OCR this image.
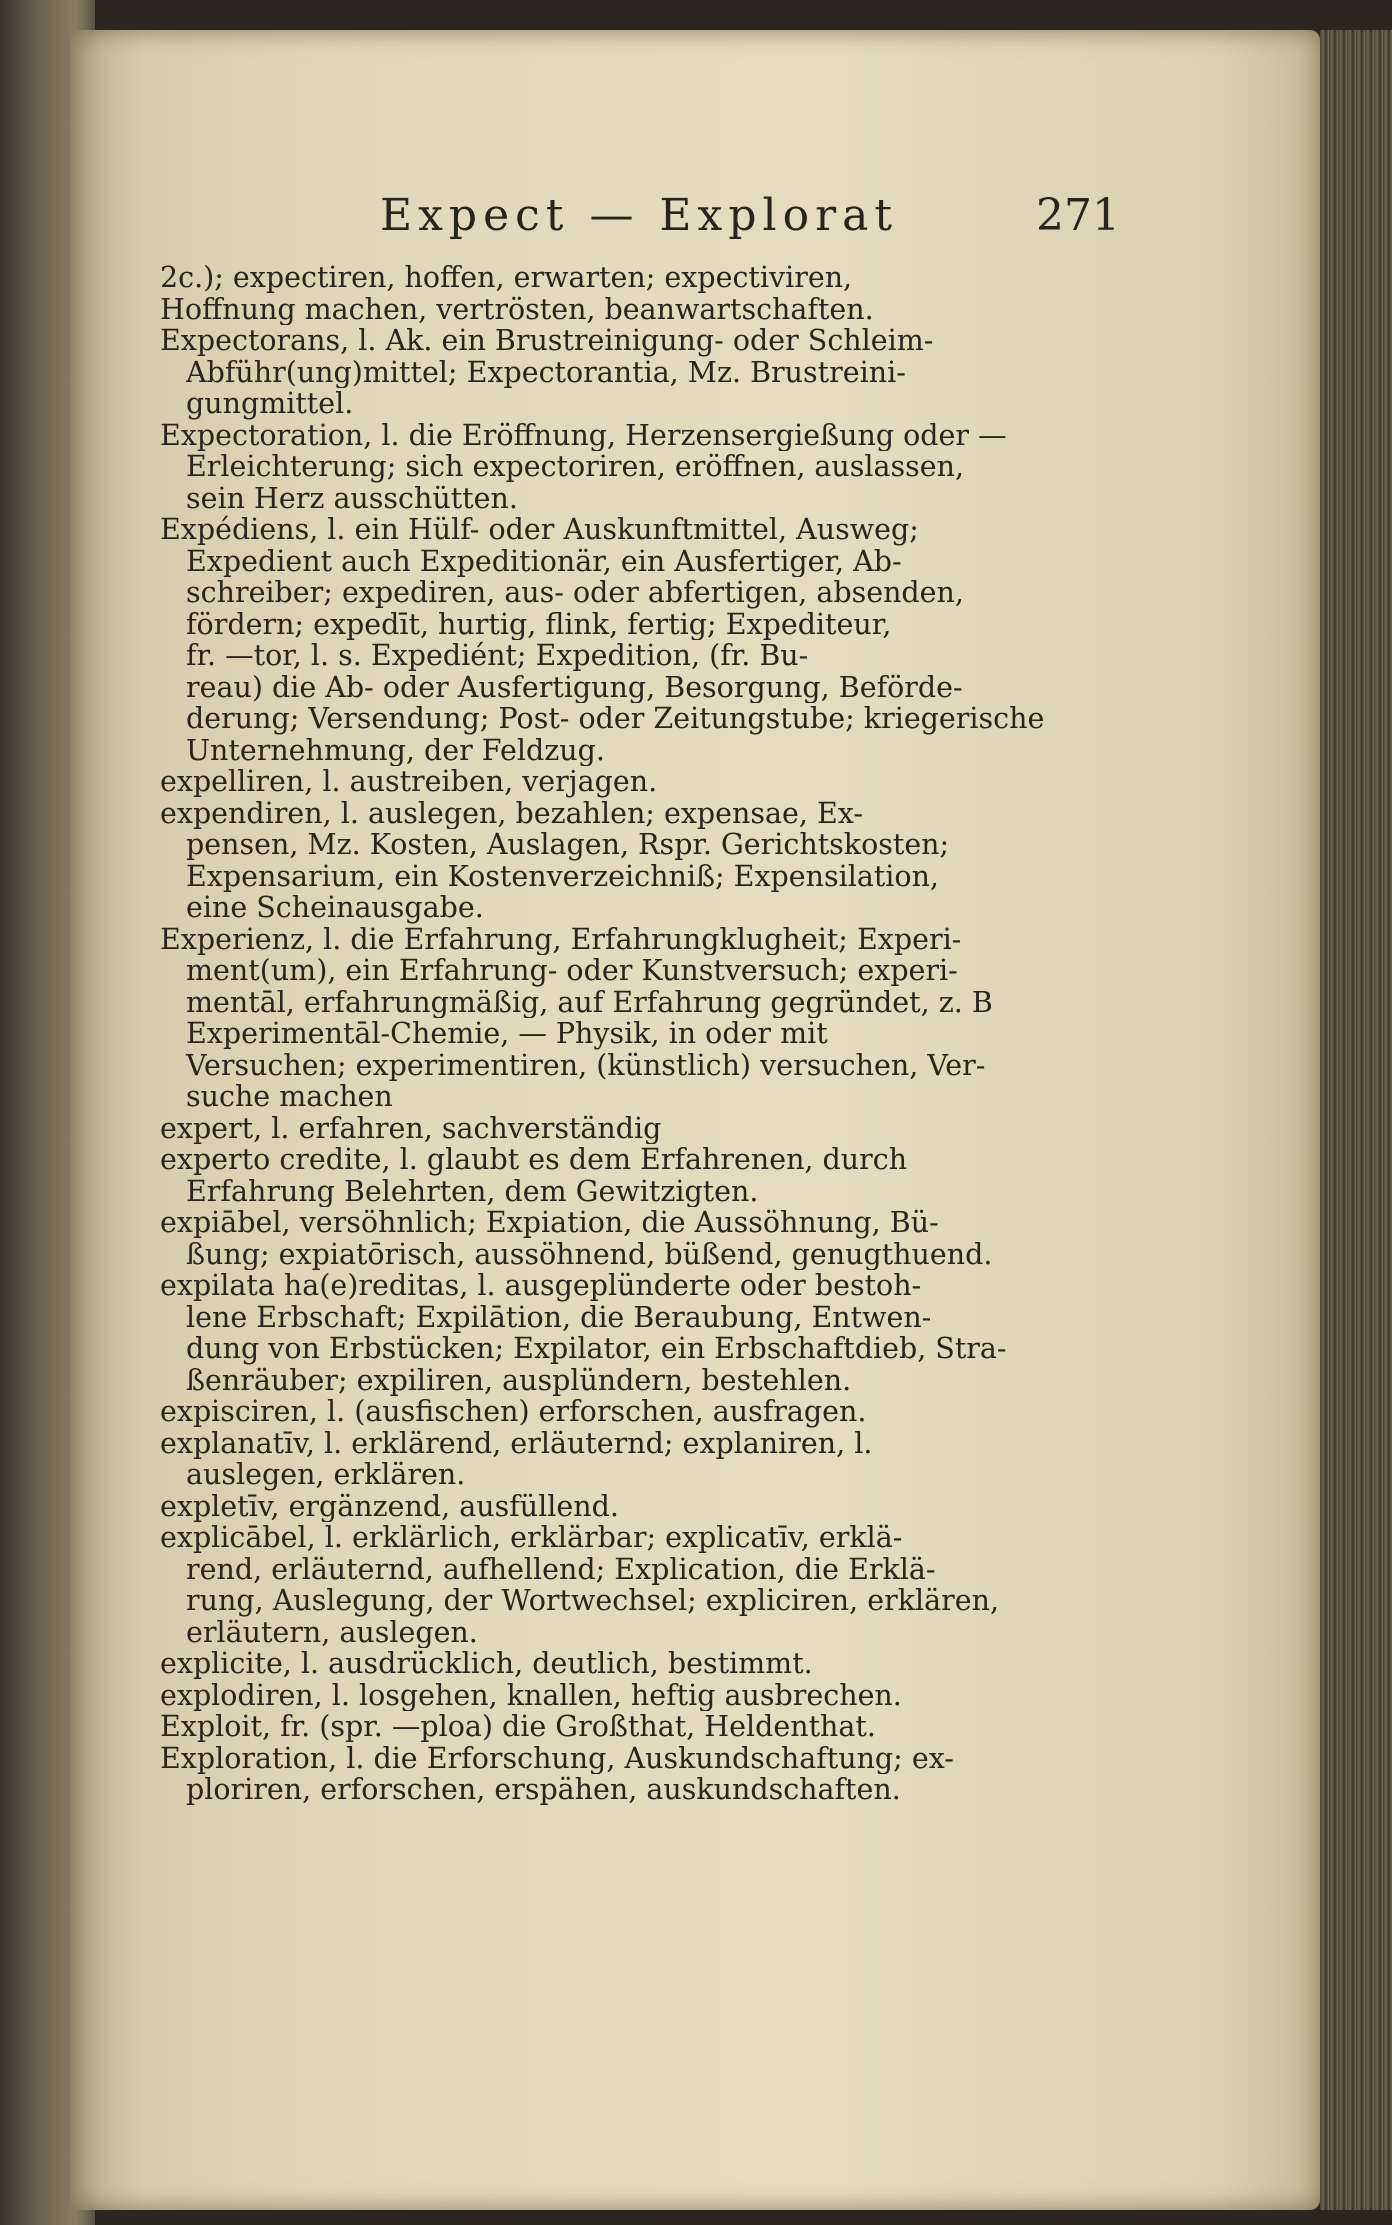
Expect — Explorat	271
2c.); expectiren, hoffen, erwarten; expectiviren,
Hoffnung machen, vertrösten, beanwartschaften.
Expectorans, l. Ak. ein Brustreinigung- oder Schleim-
Abführ(ung)mittel; Expectorantia, Mz. Brustreini-
gungmittel.
Expectoration, l. die Eröffnung, Herzensergießung oder —
Erleichterung; sich expectoriren, eröffnen, auslassen,
sein Herz ausschütten.
Expédiens, l. ein Hülf- oder Auskunftmittel, Ausweg;
Expedient auch Expeditionär, ein Ausfertiger, Ab-
schreiber; expediren, aus- oder abfertigen, absenden,
fördern; expedīt, hurtig, flink, fertig; Expediteur,
fr. —tor, l. s. Expediént; Expedition, (fr. Bu-
reau) die Ab- oder Ausfertigung, Besorgung, Beförde-
derung; Versendung; Post- oder Zeitungstube; kriegerische
Unternehmung, der Feldzug.
expelliren, l. austreiben, verjagen.
expendiren, l. auslegen, bezahlen; expensae, Ex-
pensen, Mz. Kosten, Auslagen, Rspr. Gerichtskosten;
Expensarium, ein Kostenverzeichniß; Expensilation,
eine Scheinausgabe.
Experienz, l. die Erfahrung, Erfahrungklugheit; Experi-
ment(um), ein Erfahrung- oder Kunstversuch; experi-
mentāl, erfahrungmäßig, auf Erfahrung gegründet, z. B
Experimentāl-Chemie, — Physik, in oder mit
Versuchen; experimentiren, (künstlich) versuchen, Ver-
suche machen
expert, l. erfahren, sachverständig
experto credite, l. glaubt es dem Erfahrenen, durch
Erfahrung Belehrten, dem Gewitzigten.
expiābel, versöhnlich; Expiation, die Aussöhnung, Bü-
ßung; expiatōrisch, aussöhnend, büßend, genugthuend.
expilata ha(e)reditas, l. ausgeplünderte oder bestoh-
lene Erbschaft; Expilātion, die Beraubung, Entwen-
dung von Erbstücken; Expilator, ein Erbschaftdieb, Stra-
ßenräuber; expiliren, ausplündern, bestehlen.
expisciren, l. (ausfischen) erforschen, ausfragen.
explanatīv, l. erklärend, erläuternd; explaniren, l.
auslegen, erklären.
expletīv, ergänzend, ausfüllend.
explicābel, l. erklärlich, erklärbar; explicatīv, erklä-
rend, erläuternd, aufhellend; Explication, die Erklä-
rung, Auslegung, der Wortwechsel; expliciren, erklären,
erläutern, auslegen.
explicite, l. ausdrücklich, deutlich, bestimmt.
explodiren, l. losgehen, knallen, heftig ausbrechen.
Exploit, fr. (spr. —ploa) die Großthat, Heldenthat.
Exploration, l. die Erforschung, Auskundschaftung; ex-
ploriren, erforschen, erspähen, auskundschaften.
